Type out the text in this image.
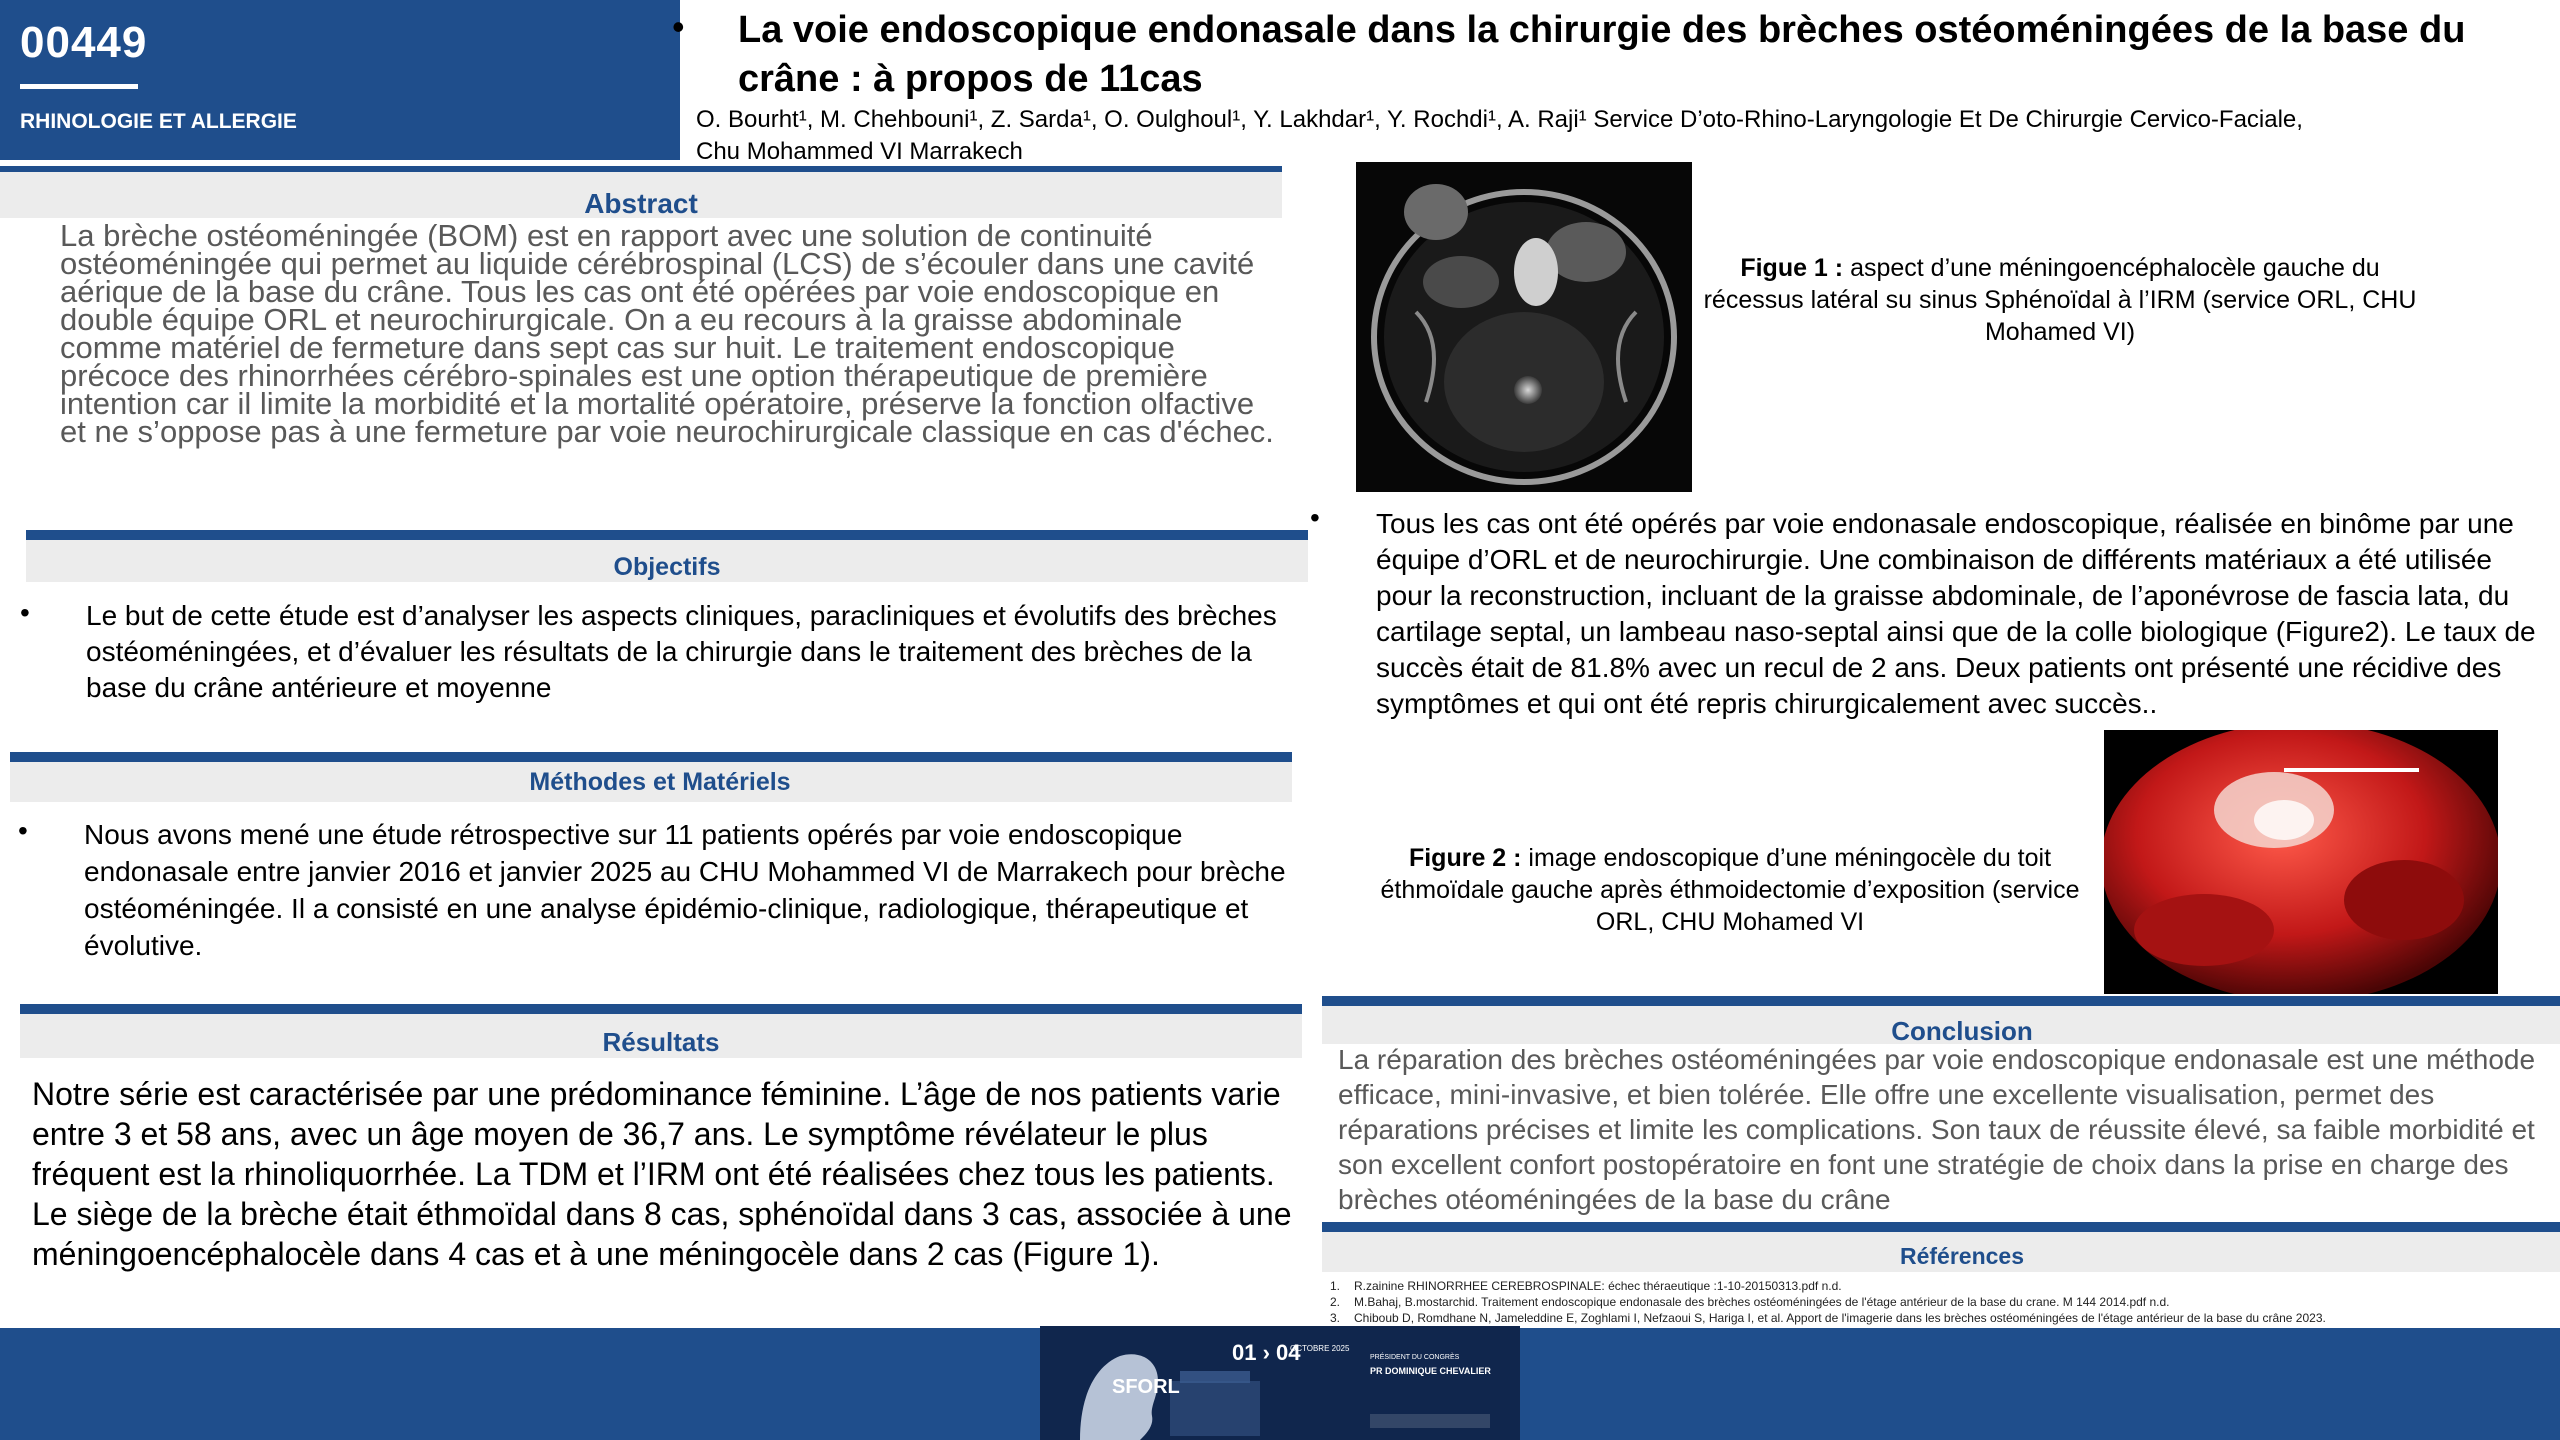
00449
RHINOLOGIE ET ALLERGIE
• La voie endoscopique endonasale dans la chirurgie des brèches ostéoméningées de la base du crâne : à propos de 11cas
O. Bourht¹, M. Chehbouni¹, Z. Sarda¹, O. Oulghoul¹, Y. Lakhdar¹, Y. Rochdi¹, A. Raji¹ Service D’oto-Rhino-Laryngologie Et De Chirurgie Cervico-Faciale,
Chu Mohammed VI Marrakech
Abstract
La brèche ostéoméningée (BOM) est en rapport avec une solution de continuité ostéoméningée qui permet au liquide cérébrospinal (LCS) de s’écouler dans une cavité aérique de la base du crâne. Tous les cas ont été opérées par voie endoscopique en double équipe ORL et neurochirurgicale. On a eu recours à la graisse abdominale comme matériel de fermeture dans sept cas sur huit. Le traitement endoscopique précoce des rhinorrhées cérébro-spinales est une option thérapeutique de première intention car il limite la morbidité et la mortalité opératoire, préserve la fonction olfactive et ne s’oppose pas à une fermeture par voie neurochirurgicale classique en cas d'échec.
Objectifs
• Le but de cette étude est d’analyser les aspects cliniques, paracliniques et évolutifs des brèches ostéoméningées, et d’évaluer les résultats de la chirurgie dans le traitement des brèches de la base du crâne antérieure et moyenne
Méthodes et Matériels
• Nous avons mené une étude rétrospective sur 11 patients opérés par voie endoscopique endonasale entre janvier 2016 et janvier 2025 au CHU Mohammed VI de Marrakech pour brèche ostéoméningée. Il a consisté en une analyse épidémio-clinique, radiologique, thérapeutique et évolutive.
Résultats
Notre série est caractérisée par une prédominance féminine. L’âge de nos patients varie entre 3 et 58 ans, avec un âge moyen de 36,7 ans. Le symptôme révélateur le plus fréquent est la rhinoliquorrhée. La TDM et l’IRM ont été réalisées chez tous les patients. Le siège de la brèche était éthmoïdal dans 8 cas, sphénoïdal dans 3 cas, associée à une méningoencéphalocèle dans 4 cas et à une méningocèle dans 2 cas (Figure 1).
Figue 1 : aspect d’une méningoencéphalocèle gauche du récessus latéral su sinus Sphénoïdal à l’IRM (service ORL, CHU Mohamed VI)
• Tous les cas ont été opérés par voie endonasale endoscopique, réalisée en binôme par une équipe d’ORL et de neurochirurgie. Une combinaison de différents matériaux a été utilisée pour la reconstruction, incluant de la graisse abdominale, de l’aponévrose de fascia lata, du cartilage septal, un lambeau naso-septal ainsi que de la colle biologique (Figure2). Le taux de succès était de 81.8% avec un recul de 2 ans. Deux patients ont présenté une récidive des symptômes et qui ont été repris chirurgicalement avec succès..
Figure 2 : image endoscopique d’une méningocèle du toit éthmoïdale gauche après éthmoidectomie d’exposition (service ORL, CHU Mohamed VI
Conclusion
La réparation des brèches ostéoméningées par voie endoscopique endonasale est une méthode efficace, mini-invasive, et bien tolérée. Elle offre une excellente visualisation, permet des réparations précises et limite les complications. Son taux de réussite élevé, sa faible morbidité et son excellent confort postopératoire en font une stratégie de choix dans la prise en charge des brèches otéoméningées de la base du crâne
Références
1. R.zainine RHINORRHEE CEREBROSPINALE: échec théraeutique :1-10-20150313.pdf n.d.
2. M.Bahaj, B.mostarchid. Traitement endoscopique endonasale des brèches ostéoméningées de l'étage antérieur de la base du crane. M 144 2014.pdf n.d.
3. Chiboub D, Romdhane N, Jameleddine E, Zoghlami I, Nefzaoui S, Hariga I, et al. Apport de l'imagerie dans les brèches ostéoméningées de l'étage antérieur de la base du crâne 2023.
SFORL
01 › 04
OCTOBRE 2025
PRÉSIDENT DU CONGRÈS
PR DOMINIQUE CHEVALIER
